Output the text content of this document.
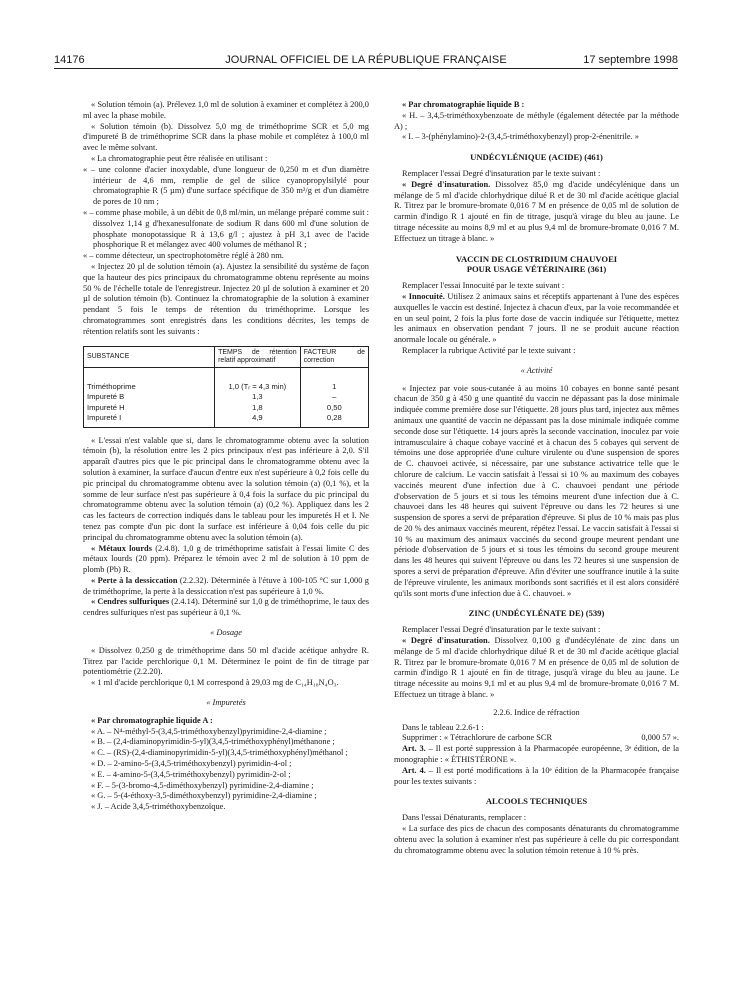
14176	JOURNAL OFFICIEL DE LA RÉPUBLIQUE FRANÇAISE	17 septembre 1998

« Solution témoin (a). Prélevez 1,0 ml de solution à examiner et complétez à 200,0 ml avec la phase mobile.

« Solution témoin (b). Dissolvez 5,0 mg de triméthoprime SCR et 5,0 mg d'impureté B de triméthoprime SCR dans la phase mobile et complétez à 100,0 ml avec le même solvant.

« La chromatographie peut être réalisée en utilisant :

« – une colonne d'acier inoxydable, d'une longueur de 0,250 m et d'un diamètre intérieur de 4,6 mm, remplie de gel de silice cyanopropylsilylé pour chromatographie R (5 µm) d'une surface spécifique de 350 m²/g et d'un diamètre de pores de 10 nm ;

« – comme phase mobile, à un débit de 0,8 ml/min, un mélange préparé comme suit : dissolvez 1,14 g d'hexanesulfonate de sodium R dans 600 ml d'une solution de phosphate monopotassique R à 13,6 g/l ; ajustez à pH 3,1 avec de l'acide phosphorique R et mélangez avec 400 volumes de méthanol R ;

« – comme détecteur, un spectrophotomètre réglé à 280 nm.

« Injectez 20 µl de solution témoin (a). Ajustez la sensibilité du système de façon que la hauteur des pics principaux du chromatogramme obtenu représente au moins 50 % de l'échelle totale de l'enregistreur. Injectez 20 µl de solution à examiner et 20 µl de solution témoin (b). Continuez la chromatographie de la solution à examiner pendant 5 fois le temps de rétention du triméthoprime. Lorsque les chromatogrammes sont enregistrés dans les conditions décrites, les temps de rétention relatifs sont les suivants :

SUBSTANCE	TEMPS de rétention relatif approximatif	FACTEUR de correction
Triméthoprime	1,0 (Tᵣ = 4,3 min)	1
Impureté B	1,3	–
Impureté H	1,8	0,50
Impureté I	4,9	0,28

« L'essai n'est valable que si, dans le chromatogramme obtenu avec la solution témoin (b), la résolution entre les 2 pics principaux n'est pas inférieure à 2,0. S'il apparaît d'autres pics que le pic principal dans le chromatogramme obtenu avec la solution à examiner, la surface d'aucun d'entre eux n'est supérieure à 0,2 fois celle du pic principal du chromatogramme obtenu avec la solution témoin (a) (0,1 %), et la somme de leur surface n'est pas supérieure à 0,4 fois la surface du pic principal du chromatogramme obtenu avec la solution témoin (a) (0,2 %). Appliquez dans les 2 cas les facteurs de correction indiqués dans le tableau pour les impuretés H et I. Ne tenez pas compte d'un pic dont la surface est inférieure à 0,04 fois celle du pic principal du chromatogramme obtenu avec la solution témoin (a).

« Métaux lourds (2.4.8). 1,0 g de triméthoprime satisfait à l'essai limite C des métaux lourds (20 ppm). Préparez le témoin avec 2 ml de solution à 10 ppm de plomb (Pb) R.

« Perte à la dessiccation (2.2.32). Déterminée à l'étuve à 100-105 °C sur 1,000 g de triméthoprime, la perte à la dessiccation n'est pas supérieure à 1,0 %.

« Cendres sulfuriques (2.4.14). Déterminé sur 1,0 g de triméthoprime, le taux des cendres sulfuriques n'est pas supérieur à 0,1 %.

« Dosage

« Dissolvez 0,250 g de triméthoprime dans 50 ml d'acide acétique anhydre R. Titrez par l'acide perchlorique 0,1 M. Déterminez le point de fin de titrage par potentiométrie (2.2.20).

« 1 ml d'acide perchlorique 0,1 M correspond à 29,03 mg de C₁₄H₁₈N₄O₃.

« Impuretés

« Par chromatographie liquide A :

« A. – N⁴-méthyl-5-(3,4,5-triméthoxybenzyl)pyrimidine-2,4-diamine ;

« B. – (2,4-diaminopyrimidin-5-yl)(3,4,5-triméthoxyphényl)méthanone ;

« C. – (RS)-(2,4-diaminopyrimidin-5-yl)(3,4,5-triméthoxyphényl)méthanol ;

« D. – 2-amino-5-(3,4,5-triméthoxybenzyl) pyrimidin-4-ol ;

« E. – 4-amino-5-(3,4,5-triméthoxybenzyl) pyrimidin-2-ol ;

« F. – 5-(3-bromo-4,5-diméthoxybenzyl) pyrimidine-2,4-diamine ;

« G. – 5-(4-éthoxy-3,5-diméthoxybenzyl) pyrimidine-2,4-diamine ;

« J. – Acide 3,4,5-triméthoxybenzoïque.

« Par chromatographie liquide B :

« H. – 3,4,5-triméthoxybenzoate de méthyle (également détectée par la méthode A) ;

« I. – 3-(phénylamino)-2-(3,4,5-triméthoxybenzyl) prop-2-énenitrile. »

UNDÉCYLÉNIQUE (ACIDE) (461)

Remplacer l'essai Degré d'insaturation par le texte suivant :

« Degré d'insaturation. Dissolvez 85,0 mg d'acide undécylénique dans un mélange de 5 ml d'acide chlorhydrique dilué R et de 30 ml d'acide acétique glacial R. Titrez par le bromure-bromate 0,016 7 M en présence de 0,05 ml de solution de carmin d'indigo R 1 ajouté en fin de titrage, jusqu'à virage du bleu au jaune. Le titrage nécessite au moins 8,9 ml et au plus 9,4 ml de bromure-bromate 0,016 7 M. Effectuez un titrage à blanc. »

VACCIN DE CLOSTRIDIUM CHAUVOEI

POUR USAGE VÉTÉRINAIRE (361)

Remplacer l'essai Innocuité par le texte suivant :

« Innocuité. Utilisez 2 animaux sains et réceptifs appartenant à l'une des espèces auxquelles le vaccin est destiné. Injectez à chacun d'eux, par la voie recommandée et en un seul point, 2 fois la plus forte dose de vaccin indiquée sur l'étiquette, mettez les animaux en observation pendant 7 jours. Il ne se produit aucune réaction anormale locale ou générale. »

Remplacer la rubrique Activité par le texte suivant :

« Activité

« Injectez par voie sous-cutanée à au moins 10 cobayes en bonne santé pesant chacun de 350 g à 450 g une quantité du vaccin ne dépassant pas la dose minimale indiquée comme première dose sur l'étiquette. 28 jours plus tard, injectez aux mêmes animaux une quantité de vaccin ne dépassant pas la dose minimale indiquée comme seconde dose sur l'étiquette. 14 jours après la seconde vaccination, inoculez par voie intramusculaire à chaque cobaye vacciné et à chacun des 5 cobayes qui servent de témoins une dose appropriée d'une culture virulente ou d'une suspension de spores de C. chauvoei activée, si nécessaire, par une substance activatrice telle que le chlorure de calcium. Le vaccin satisfait à l'essai si 10 % au maximum des cobayes vaccinés meurent d'une infection due à C. chauvoei pendant une période d'observation de 5 jours et si tous les témoins meurent d'une infection due à C. chauvoei dans les 48 heures qui suivent l'épreuve ou dans les 72 heures si une suspension de spores a servi de préparation d'épreuve. Si plus de 10 % mais pas plus de 20 % des animaux vaccinés meurent, répétez l'essai. Le vaccin satisfait à l'essai si 10 % au maximum des animaux vaccinés du second groupe meurent pendant une période d'observation de 5 jours et si tous les témoins du second groupe meurent dans les 48 heures qui suivent l'épreuve ou dans les 72 heures si une suspension de spores a servi de préparation d'épreuve. Afin d'éviter une souffrance inutile à la suite de l'épreuve virulente, les animaux moribonds sont sacrifiés et il est alors considéré qu'ils sont morts d'une infection due à C. chauvoei. »

ZINC (UNDÉCYLÉNATE DE) (539)

Remplacer l'essai Degré d'insaturation par le texte suivant :

« Degré d'insaturation. Dissolvez 0,100 g d'undécylénate de zinc dans un mélange de 5 ml d'acide chlorhydrique dilué R et de 30 ml d'acide acétique glacial R. Titrez par le bromure-bromate 0,016 7 M en présence de 0,05 ml de solution de carmin d'indigo R 1 ajouté en fin de titrage, jusqu'à virage du bleu au jaune. Le titrage nécessite au moins 9,1 ml et au plus 9,4 ml de bromure-bromate 0,016 7 M. Effectuez un titrage à blanc. »

2.2.6. Indice de réfraction

Dans le tableau 2.2.6-1 :

Supprimer : « Tétrachlorure de carbone SCR	0,000 57 ».

Art. 3. – Il est porté suppression à la Pharmacopée européenne, 3ᵉ édition, de la monographie : « ÉTHISTÉRONE ».

Art. 4. – Il est porté modifications à la 10ᵉ édition de la Pharmacopée française pour les textes suivants :

ALCOOLS TECHNIQUES

Dans l'essai Dénaturants, remplacer :

« La surface des pics de chacun des composants dénaturants du chromatogramme obtenu avec la solution à examiner n'est pas supérieure à celle du pic correspondant du chromatogramme obtenu avec la solution témoin retenue à 10 % près.
